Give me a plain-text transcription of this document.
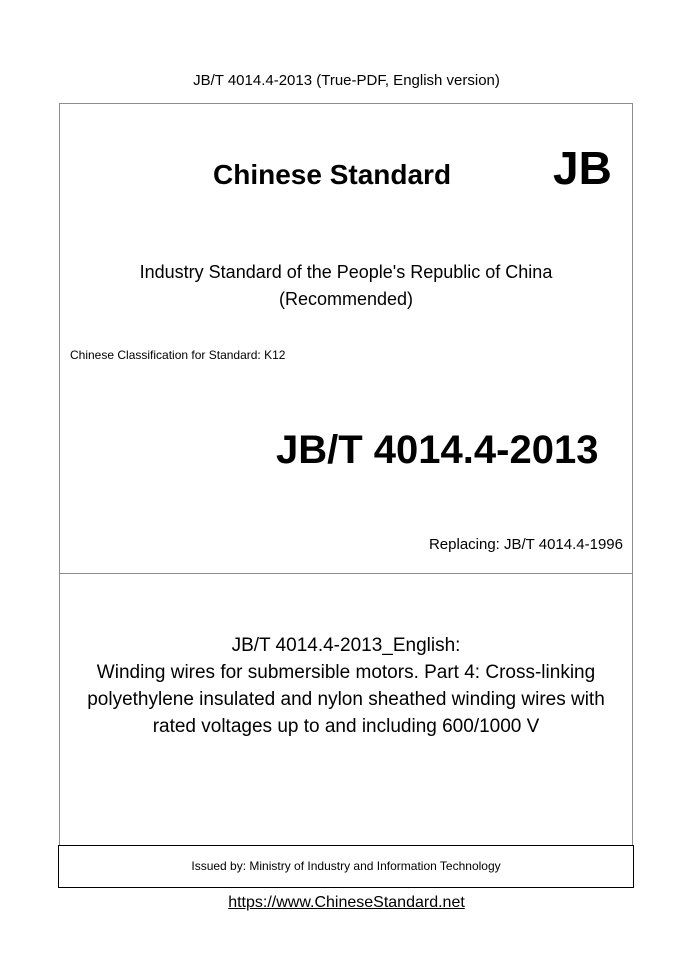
JB/T 4014.4-2013 (True-PDF, English version)
Chinese Standard JB
Industry Standard of the People's Republic of China
(Recommended)
Chinese Classification for Standard: K12
JB/T 4014.4-2013
Replacing: JB/T 4014.4-1996
JB/T 4014.4-2013_English:
Winding wires for submersible motors. Part 4: Cross-linking
polyethylene insulated and nylon sheathed winding wires with
rated voltages up to and including 600/1000 V
Issued by: Ministry of Industry and Information Technology
https://www.ChineseStandard.net
